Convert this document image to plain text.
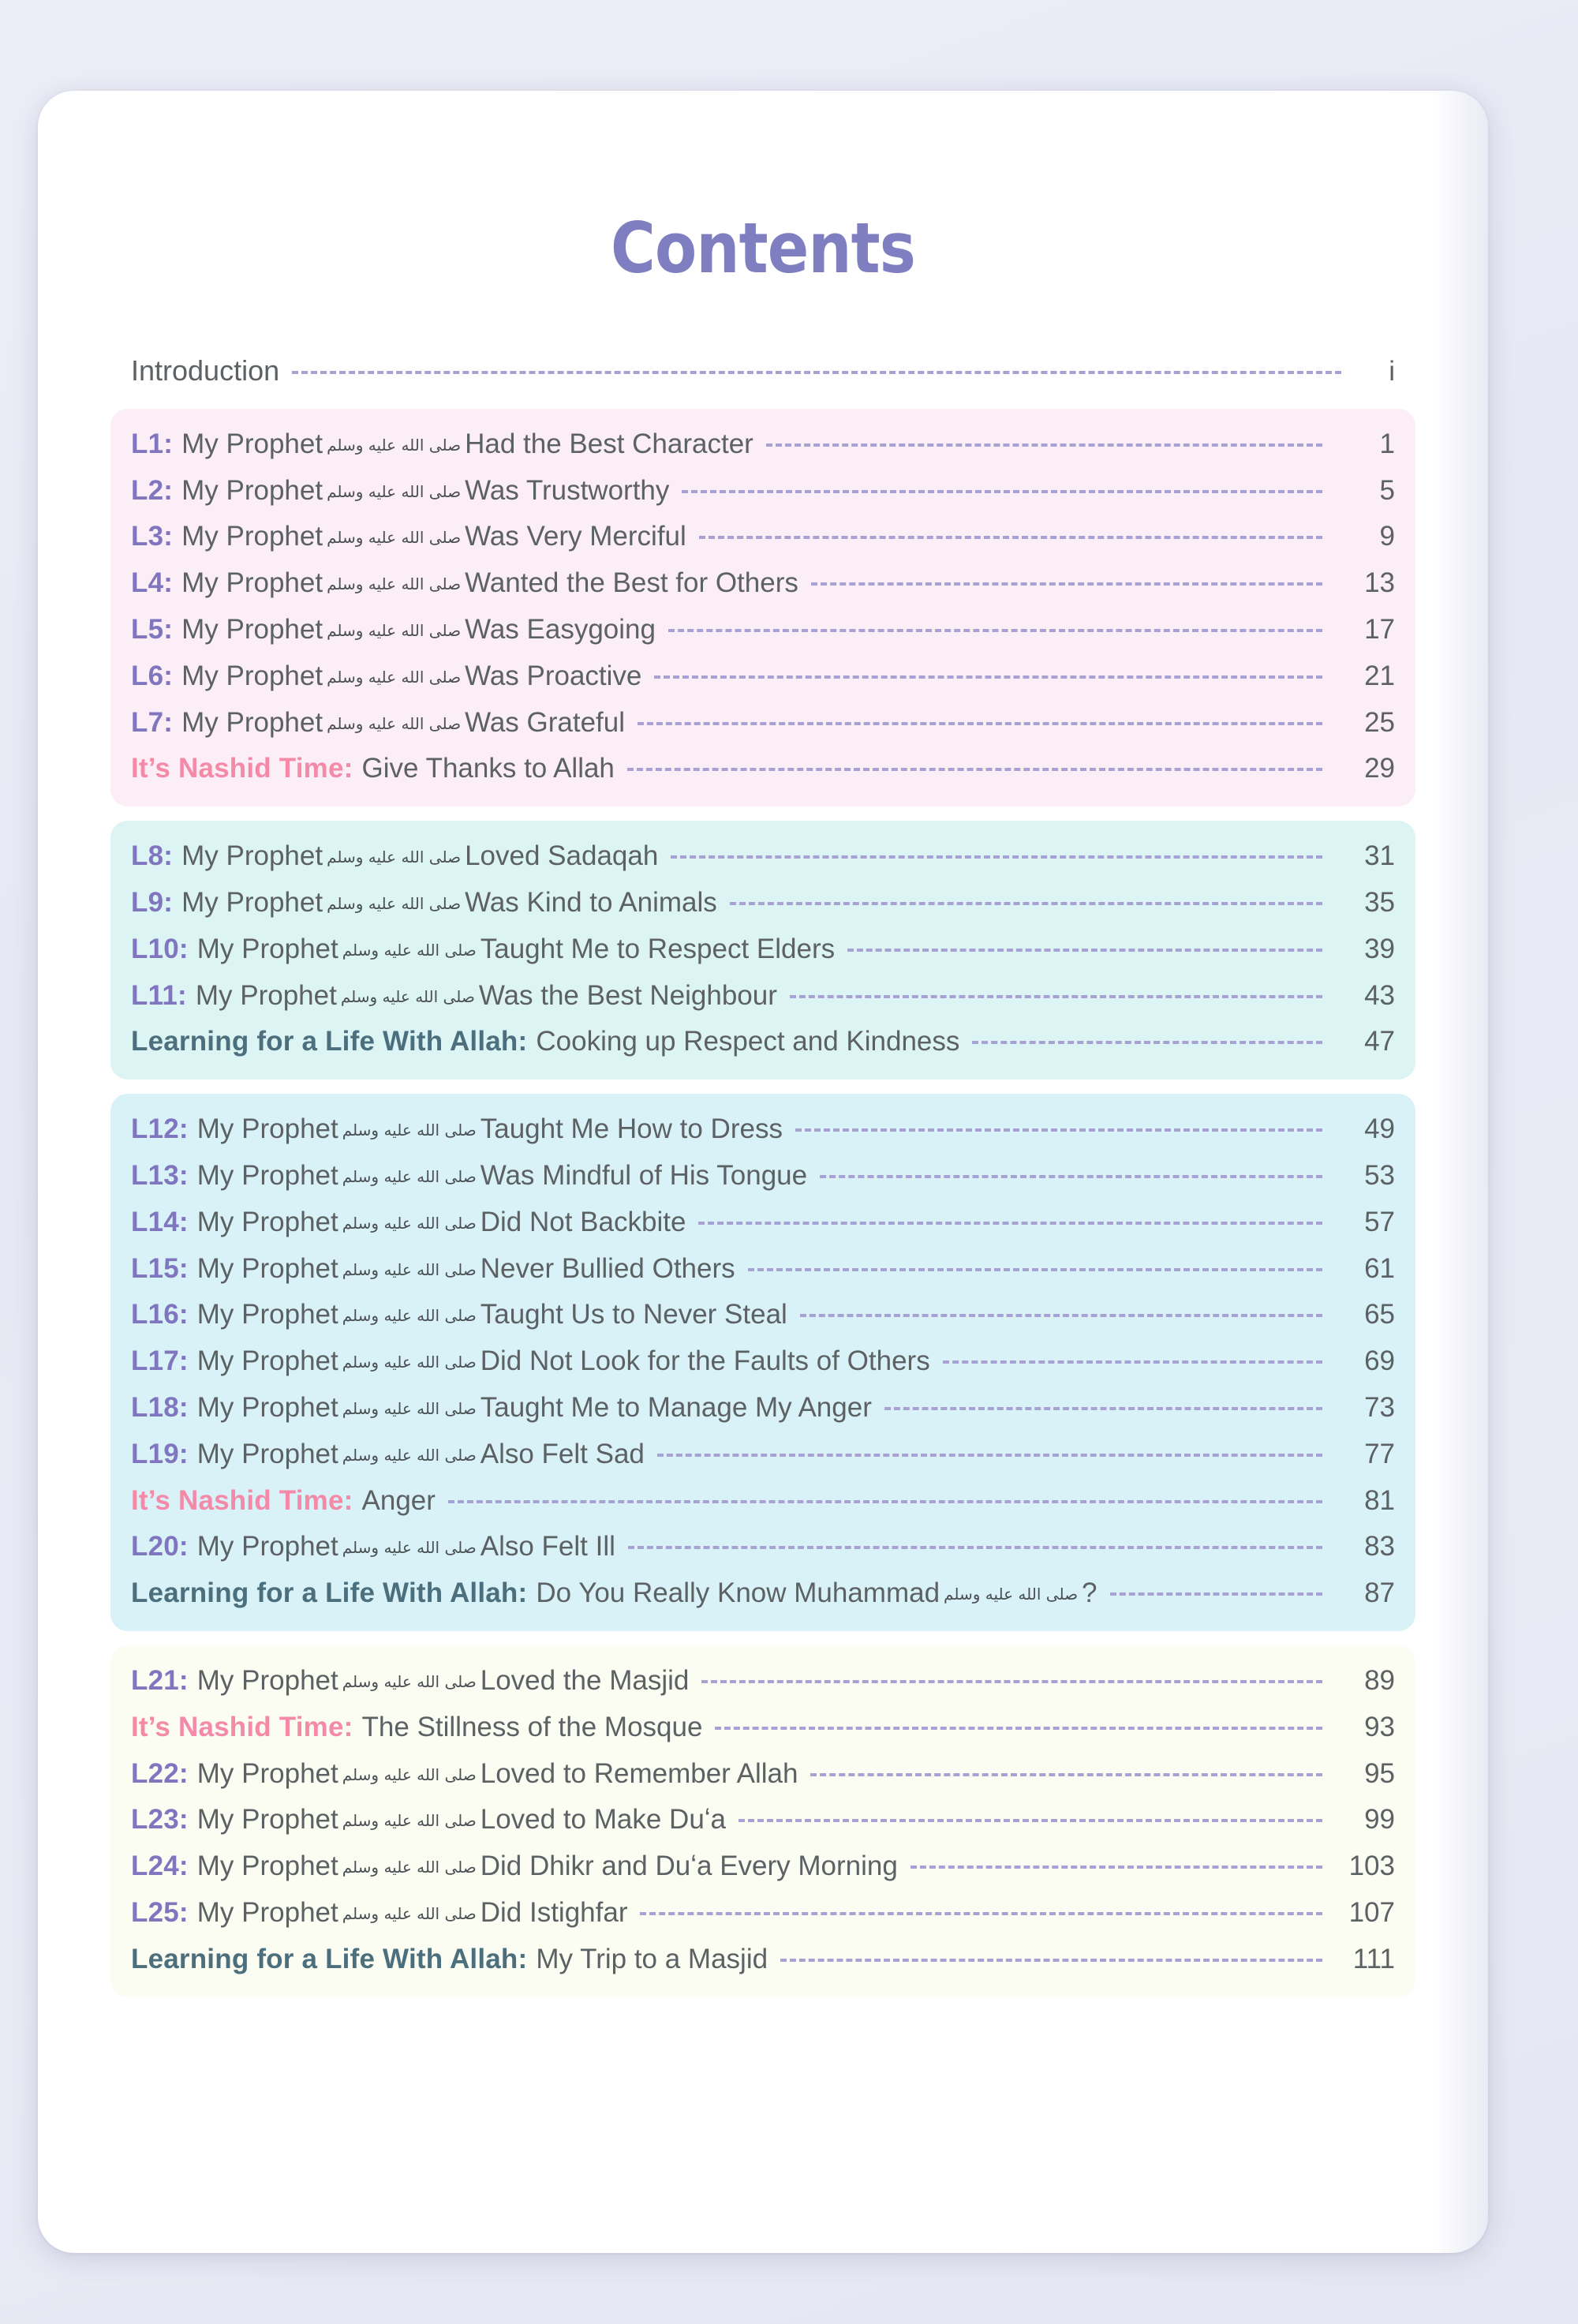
Contents
Introduction	i
L1: My Prophet صلى الله عليه وسلم Had the Best Character	1
L2: My Prophet صلى الله عليه وسلم Was Trustworthy	5
L3: My Prophet صلى الله عليه وسلم Was Very Merciful	9
L4: My Prophet صلى الله عليه وسلم Wanted the Best for Others	13
L5: My Prophet صلى الله عليه وسلم Was Easygoing	17
L6: My Prophet صلى الله عليه وسلم Was Proactive	21
L7: My Prophet صلى الله عليه وسلم Was Grateful	25
It’s Nashid Time: Give Thanks to Allah	29
L8: My Prophet صلى الله عليه وسلم Loved Sadaqah	31
L9: My Prophet صلى الله عليه وسلم Was Kind to Animals	35
L10: My Prophet صلى الله عليه وسلم Taught Me to Respect Elders	39
L11: My Prophet صلى الله عليه وسلم Was the Best Neighbour	43
Learning for a Life With Allah: Cooking up Respect and Kindness	47
L12: My Prophet صلى الله عليه وسلم Taught Me How to Dress	49
L13: My Prophet صلى الله عليه وسلم Was Mindful of His Tongue	53
L14: My Prophet صلى الله عليه وسلم Did Not Backbite	57
L15: My Prophet صلى الله عليه وسلم Never Bullied Others	61
L16: My Prophet صلى الله عليه وسلم Taught Us to Never Steal	65
L17: My Prophet صلى الله عليه وسلم Did Not Look for the Faults of Others	69
L18: My Prophet صلى الله عليه وسلم Taught Me to Manage My Anger	73
L19: My Prophet صلى الله عليه وسلم Also Felt Sad	77
It’s Nashid Time: Anger	81
L20: My Prophet صلى الله عليه وسلم Also Felt Ill	83
Learning for a Life With Allah: Do You Really Know Muhammad صلى الله عليه وسلم ?	87
L21: My Prophet صلى الله عليه وسلم Loved the Masjid	89
It’s Nashid Time: The Stillness of the Mosque	93
L22: My Prophet صلى الله عليه وسلم Loved to Remember Allah	95
L23: My Prophet صلى الله عليه وسلم Loved to Make Duʻa	99
L24: My Prophet صلى الله عليه وسلم Did Dhikr and Duʻa Every Morning	103
L25: My Prophet صلى الله عليه وسلم Did Istighfar	107
Learning for a Life With Allah: My Trip to a Masjid	111
